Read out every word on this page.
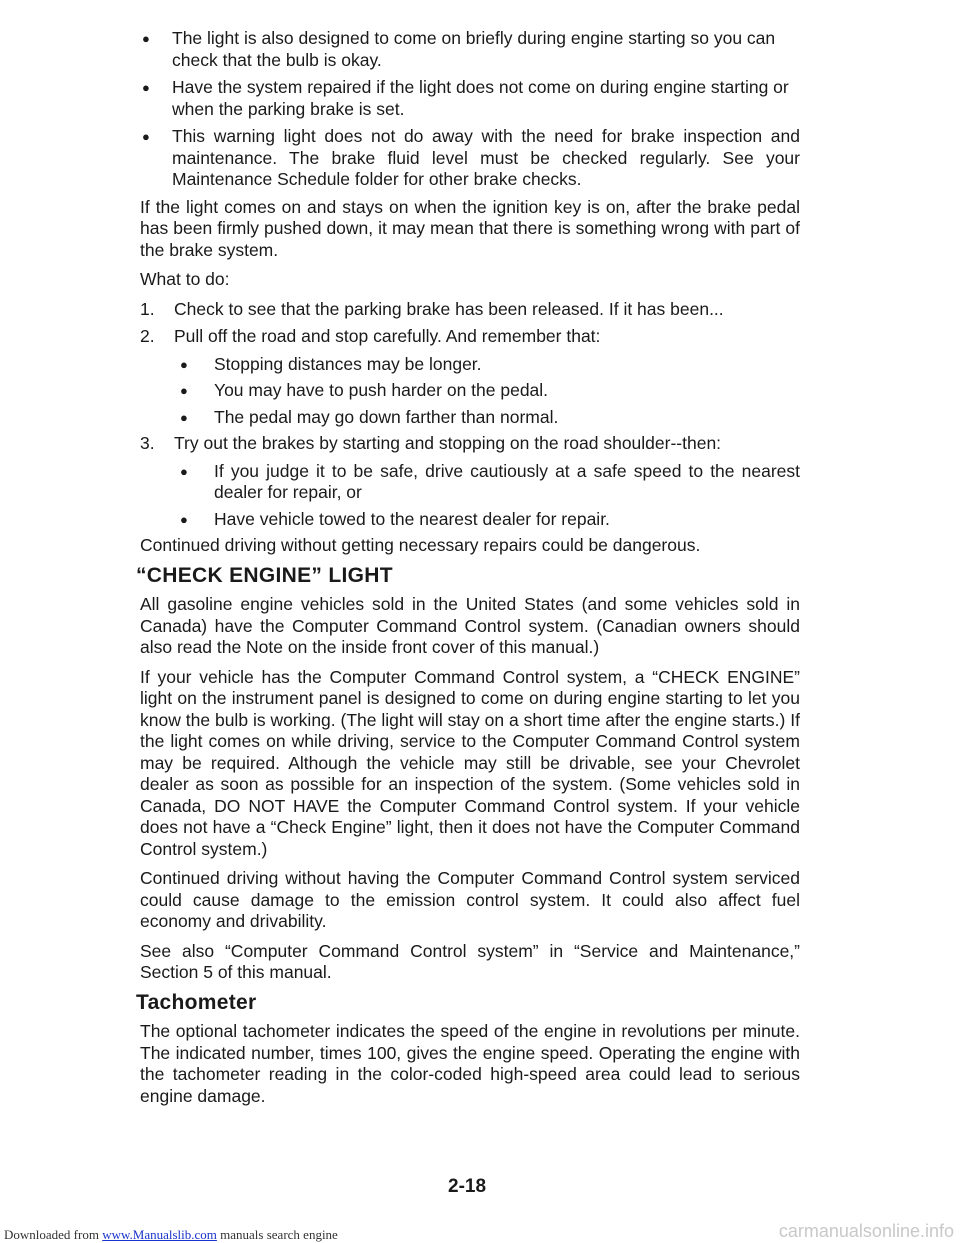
● The light is also designed to come on briefly during engine starting so you can check that the bulb is okay.

● Have the system repaired if the light does not come on during engine starting or when the parking brake is set.

● This warning light does not do away with the need for brake inspection and maintenance. The brake fluid level must be checked regularly. See your Maintenance Schedule folder for other brake checks.

If the light comes on and stays on when the ignition key is on, after the brake pedal has been firmly pushed down, it may mean that there is something wrong with part of the brake system.

What to do:

1. Check to see that the parking brake has been released. If it has been...
2. Pull off the road and stop carefully. And remember that:

● Stopping distances may be longer.

● You may have to push harder on the pedal.

● The pedal may go down farther than normal.

3. Try out the brakes by starting and stopping on the road shoulder--then:

● If you judge it to be safe, drive cautiously at a safe speed to the nearest dealer for repair, or

● Have vehicle towed to the nearest dealer for repair.

Continued driving without getting necessary repairs could be dangerous.

“CHECK ENGINE” LIGHT

All gasoline engine vehicles sold in the United States (and some vehicles sold in Canada) have the Computer Command Control system. (Canadian owners should also read the Note on the inside front cover of this manual.)

If your vehicle has the Computer Command Control system, a “CHECK ENGINE” light on the instrument panel is designed to come on during engine starting to let you know the bulb is working. (The light will stay on a short time after the engine starts.) If the light comes on while driving, service to the Computer Command Control system may be required. Although the vehicle may still be drivable, see your Chevrolet dealer as soon as possible for an inspection of the system. (Some vehicles sold in Canada, DO NOT HAVE the Computer Command Control system. If your vehicle does not have a “Check Engine” light, then it does not have the Computer Command Control system.)

Continued driving without having the Computer Command Control system serviced could cause damage to the emission control system. It could also affect fuel economy and drivability.

See also “Computer Command Control system” in “Service and Maintenance,” Section 5 of this manual.

Tachometer

The optional tachometer indicates the speed of the engine in revolutions per minute. The indicated number, times 100, gives the engine speed. Operating the engine with the tachometer reading in the color-coded high-speed area could lead to serious engine damage.

2-18
Downloaded from www.Manualslib.com manuals search engine	carmanualsonline.info
